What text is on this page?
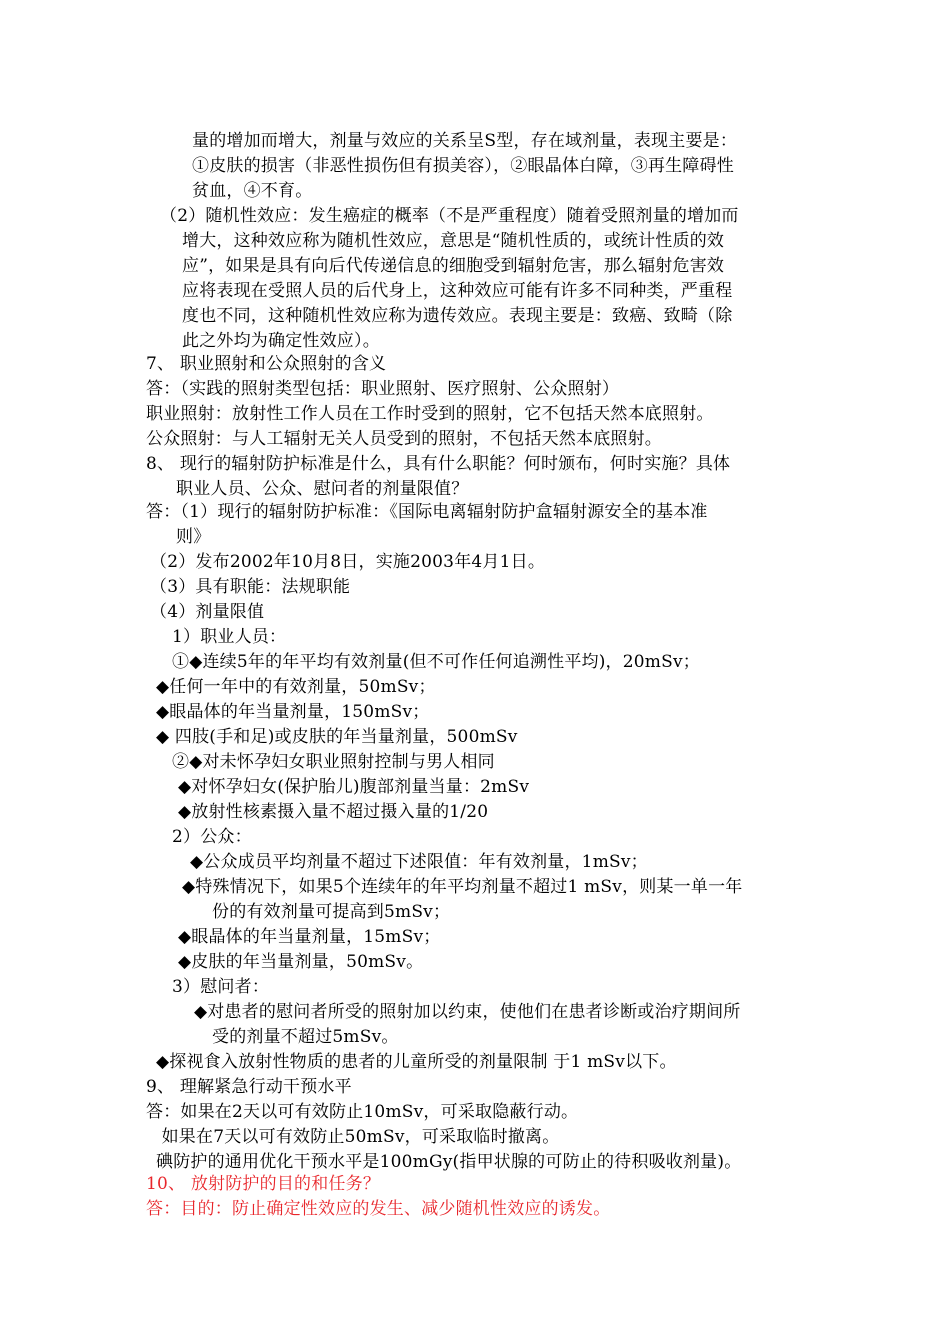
量的增加而增大，剂量与效应的关系呈S型，存在域剂量，表现主要是：
①皮肤的损害（非恶性损伤但有损美容），②眼晶体白障，③再生障碍性
贫血，④不育。
（2）随机性效应：发生癌症的概率（不是严重程度）随着受照剂量的增加而
增大，这种效应称为随机性效应，意思是“随机性质的，或统计性质的效
应”，如果是具有向后代传递信息的细胞受到辐射危害，那么辐射危害效
应将表现在受照人员的后代身上，这种效应可能有许多不同种类，严重程
度也不同，这种随机性效应称为遗传效应。表现主要是：致癌、致畸（除
此之外均为确定性效应）。
7、 职业照射和公众照射的含义
答：（实践的照射类型包括：职业照射、医疗照射、公众照射）
职业照射：放射性工作人员在工作时受到的照射，它不包括天然本底照射。
公众照射：与人工辐射无关人员受到的照射，不包括天然本底照射。
8、 现行的辐射防护标准是什么，具有什么职能？何时颁布，何时实施？具体
职业人员、公众、慰问者的剂量限值？
答：（1）现行的辐射防护标准：《国际电离辐射防护盒辐射源安全的基本准
则》
（2）发布2002年10月8日，实施2003年4月1日。
（3）具有职能：法规职能
（4）剂量限值
1）职业人员：
①◆连续5年的年平均有效剂量(但不可作任何追溯性平均)，20mSv；
◆任何一年中的有效剂量，50mSv；
◆眼晶体的年当量剂量，150mSv；
◆ 四肢(手和足)或皮肤的年当量剂量，500mSv
②◆对未怀孕妇女职业照射控制与男人相同
◆对怀孕妇女(保护胎儿)腹部剂量当量：2mSv
◆放射性核素摄入量不超过摄入量的1/20
2）公众：
◆公众成员平均剂量不超过下述限值：年有效剂量，1mSv；
◆特殊情况下，如果5个连续年的年平均剂量不超过1 mSv，则某一单一年
份的有效剂量可提高到5mSv；
◆眼晶体的年当量剂量，15mSv；
◆皮肤的年当量剂量，50mSv。
3）慰问者：
◆对患者的慰问者所受的照射加以约束，使他们在患者诊断或治疗期间所
受的剂量不超过5mSv。
◆探视食入放射性物质的患者的儿童所受的剂量限制 于1 mSv以下。
9、 理解紧急行动干预水平
答：如果在2天以可有效防止10mSv，可采取隐蔽行动。
如果在7天以可有效防止50mSv，可采取临时撤离。
碘防护的通用优化干预水平是100mGy(指甲状腺的可防止的待积吸收剂量)。
10、 放射防护的目的和任务？
答：目的：防止确定性效应的发生、减少随机性效应的诱发。
